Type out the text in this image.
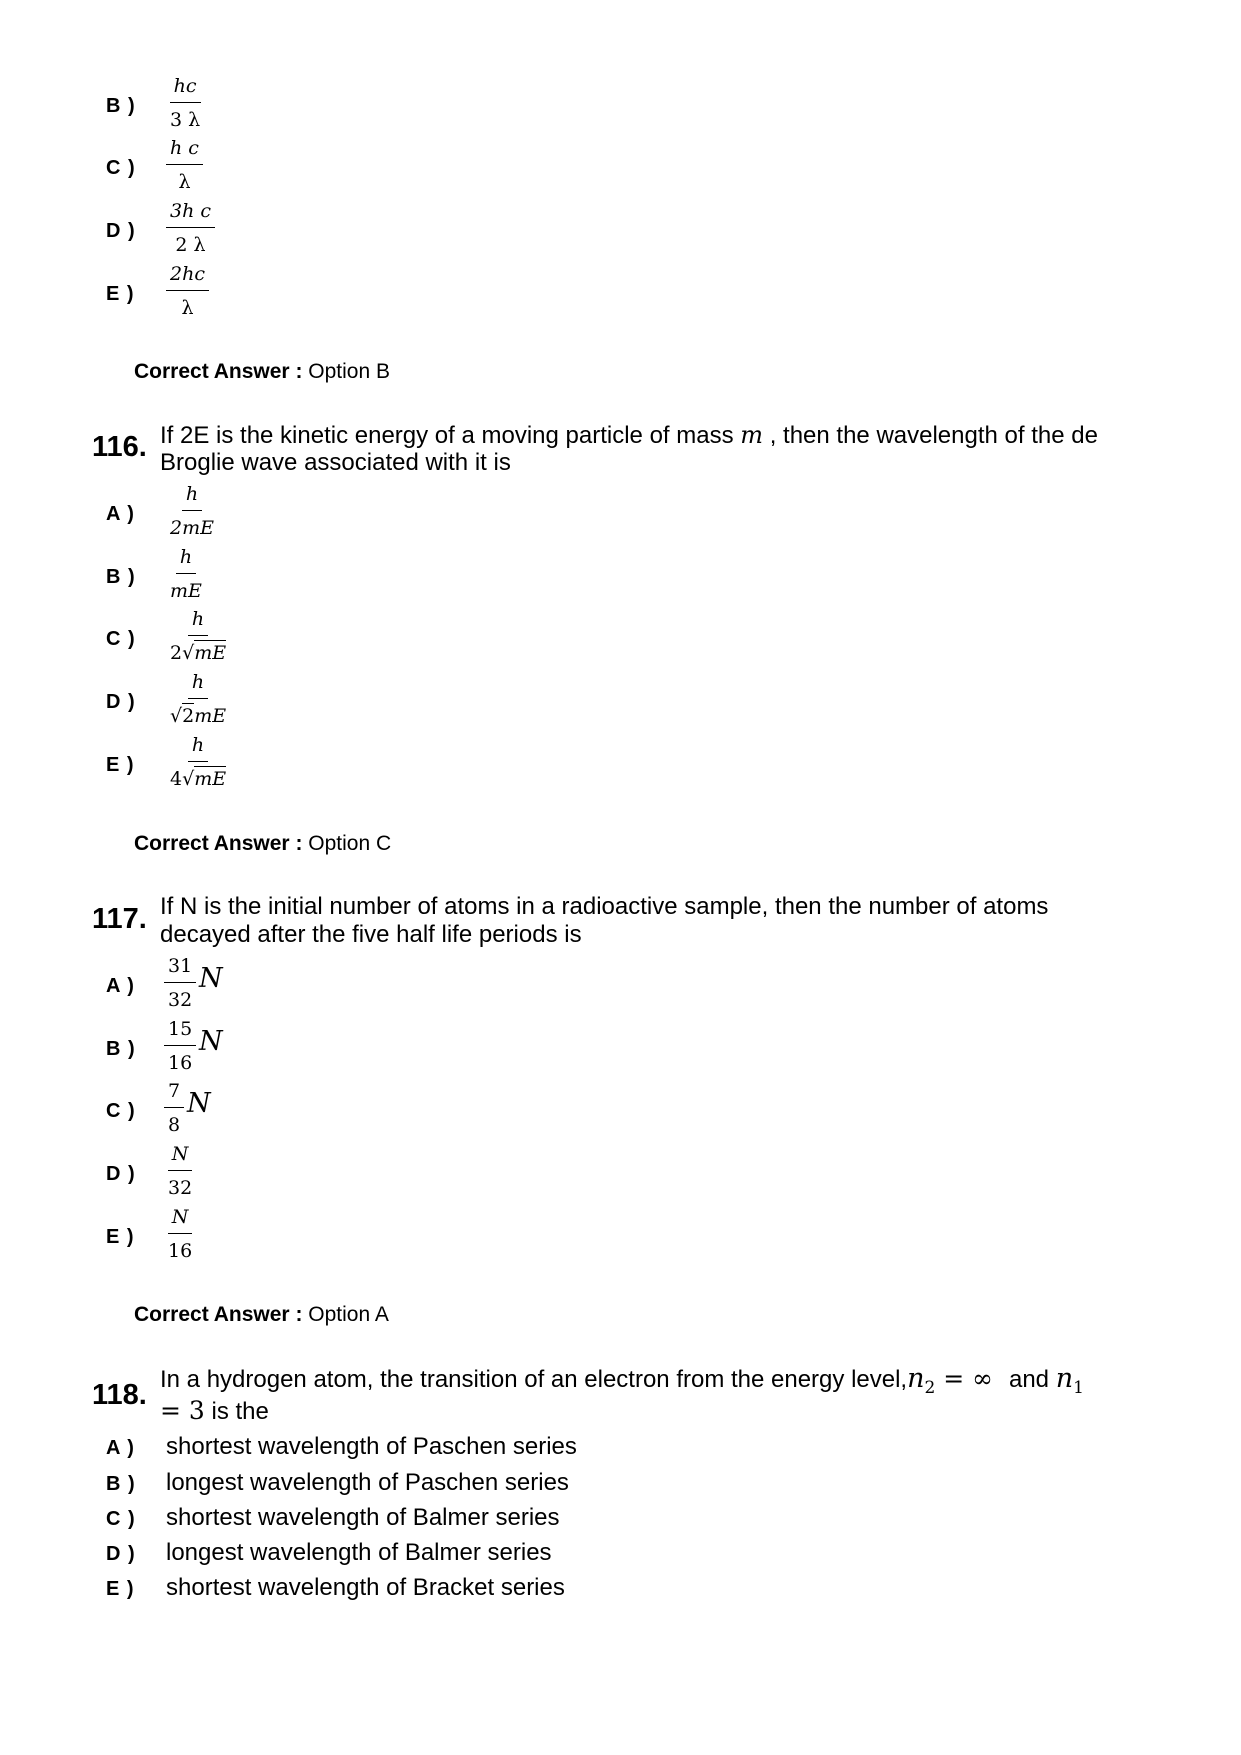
B ) $\frac{hc}{3 \lambda}$
C ) $\frac{\text{h c}}{\lambda}$
D ) $\frac{\text{3h c}}{2 \lambda}$
E ) $\frac{2hc}{\lambda}$
Correct Answer : Option B
116. If 2E is the kinetic energy of a moving particle of mass m , then the wavelength of the de
Broglie wave associated with it is
A ) $\frac{h}{2mE}$
B ) $\frac{h}{mE}$
C ) $\frac{h}{2√mE}$
D ) $\frac{h}{√2mE}$
E ) $\frac{h}{4√mE}$
Correct Answer : Option C
117. If N is the initial number of atoms in a radioactive sample, then the number of atoms
decayed after the five half life periods is
A ) $\frac{31}{32}$ N
B ) $\frac{15}{16}$ N
C ) $\frac{7}{8}$ N
D ) $\frac{N}{32}$
E ) $\frac{N}{16}$
Correct Answer : Option A
118. In a hydrogen atom, the transition of an electron from the energy $level,n_2$ = ∞ and $n_1$
= 3 is the
A ) shortest wavelength of Paschen series
B ) longest wavelength of Paschen series
C ) shortest wavelength of Balmer series
D ) longest wavelength of Balmer series
E ) shortest wavelength of Bracket series
